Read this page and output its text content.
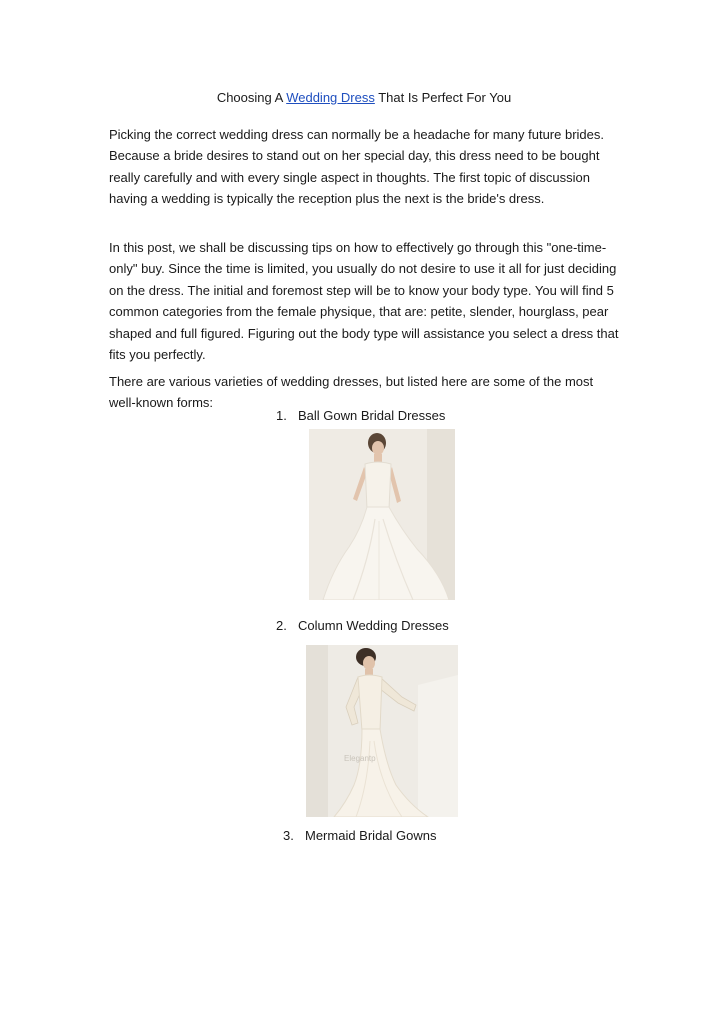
Choosing A Wedding Dress That Is Perfect For You

Picking the correct wedding dress can normally be a headache for many future brides. Because a bride desires to stand out on her special day, this dress need to be bought really carefully and with every single aspect in thoughts. The first topic of discussion having a wedding is typically the reception plus the next is the bride's dress.

In this post, we shall be discussing tips on how to effectively go through this "one-time-only" buy. Since the time is limited, you usually do not desire to use it all for just deciding on the dress. The initial and foremost step will be to know your body type. You will find 5 common categories from the female physique, that are: petite, slender, hourglass, pear shaped and full figured. Figuring out the body type will assistance you select a dress that fits you perfectly.

There are various varieties of wedding dresses, but listed here are some of the most well-known forms:

1. Ball Gown Bridal Dresses
2. Column Wedding Dresses
Elegantp
3. Mermaid Bridal Gowns
